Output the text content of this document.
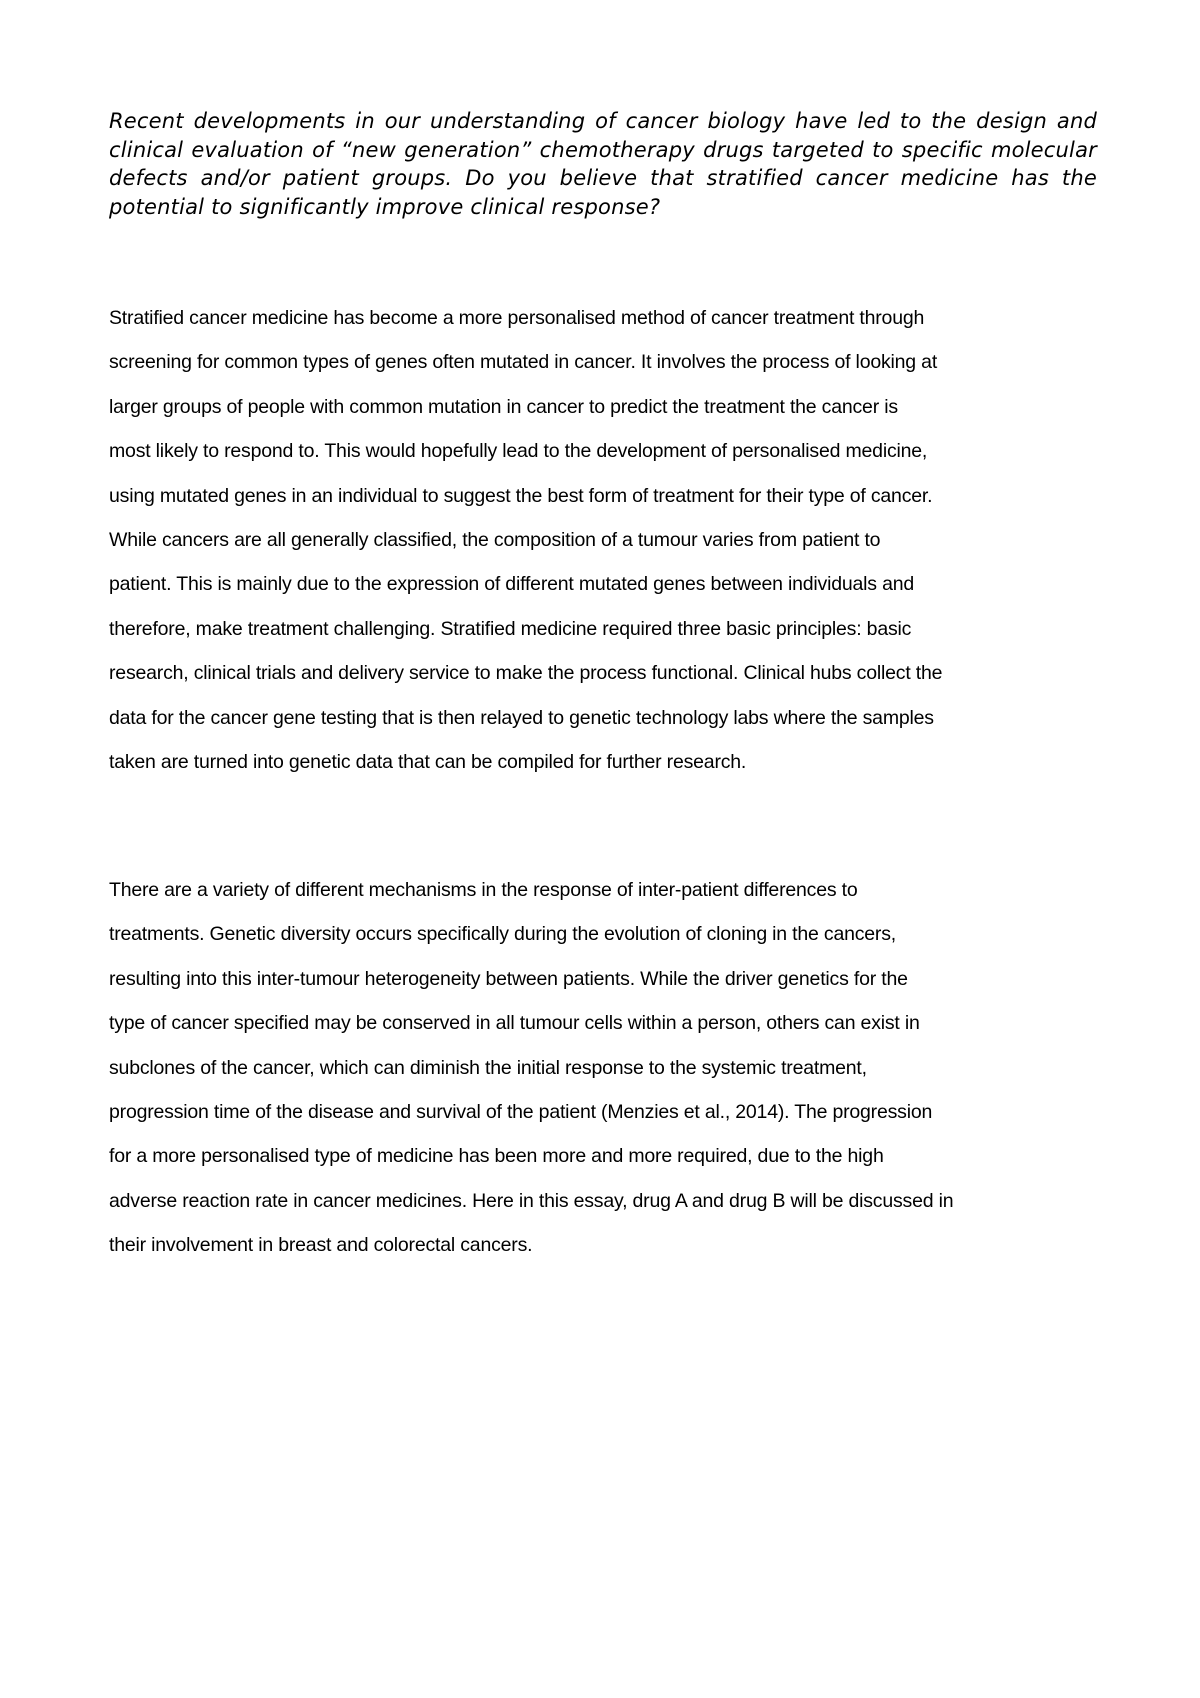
Recent developments in our understanding of cancer biology have led to the design and clinical evaluation of “new generation” chemotherapy drugs targeted to specific molecular defects and/or patient groups. Do you believe that stratified cancer medicine has the potential to significantly improve clinical response?

Stratified cancer medicine has become a more personalised method of cancer treatment through
screening for common types of genes often mutated in cancer. It involves the process of looking at
larger groups of people with common mutation in cancer to predict the treatment the cancer is
most likely to respond to. This would hopefully lead to the development of personalised medicine,
using mutated genes in an individual to suggest the best form of treatment for their type of cancer.
While cancers are all generally classified, the composition of a tumour varies from patient to
patient. This is mainly due to the expression of different mutated genes between individuals and
therefore, make treatment challenging. Stratified medicine required three basic principles: basic
research, clinical trials and delivery service to make the process functional. Clinical hubs collect the
data for the cancer gene testing that is then relayed to genetic technology labs where the samples
taken are turned into genetic data that can be compiled for further research.

There are a variety of different mechanisms in the response of inter-patient differences to
treatments. Genetic diversity occurs specifically during the evolution of cloning in the cancers,
resulting into this inter-tumour heterogeneity between patients. While the driver genetics for the
type of cancer specified may be conserved in all tumour cells within a person, others can exist in
subclones of the cancer, which can diminish the initial response to the systemic treatment,
progression time of the disease and survival of the patient (Menzies et al., 2014). The progression
for a more personalised type of medicine has been more and more required, due to the high
adverse reaction rate in cancer medicines. Here in this essay, drug A and drug B will be discussed in
their involvement in breast and colorectal cancers.
